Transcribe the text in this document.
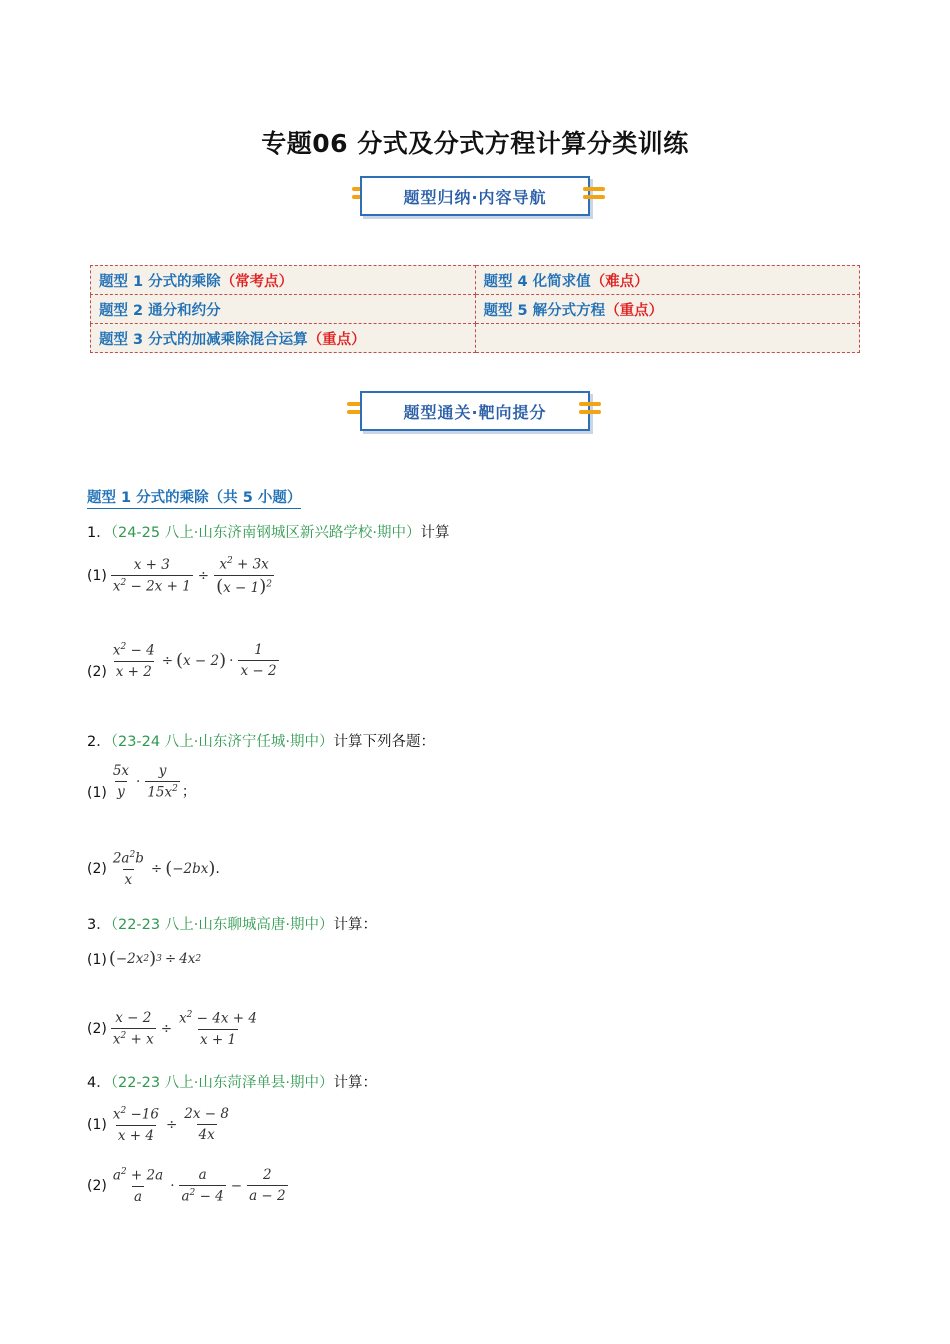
专题06 分式及分式方程计算分类训练
题型归纳·内容导航
题型 1 分式的乘除（常考点）	题型 4 化简求值（难点）
题型 2 通分和约分	题型 5 解分式方程（重点）
题型 3 分式的加减乘除混合运算（重点）	
题型通关·靶向提分
题型 1 分式的乘除（共 5 小题）
1．（24-25 八上·山东济南钢城区新兴路学校·期中）计算
$(1) \frac{x + 3}{x^2 - 2x + 1} \div \frac{x^2 + 3x}{(x - 1)^2}$
$(2) \frac{x^2 - 4}{x + 2}$ ÷ ( x − 2 ) ·
1
x − 2
2．（23-24 八上·山东济宁任城·期中）计算下列各题：
(1)
5x
y
·
y
$15x^2$ ；
$(2) \frac{2a^2b}{x}$ ÷ ( −2bx ) .
3．（22-23 八上·山东聊城高唐·期中）计算：
(1) ( −2x 2 ) 3 ÷ 4x 2
$(2) \frac{x - 2}{x^2 + x} \div \frac{x^2 - 4x + 4}{x + 1}$
4．（22-23 八上·山东菏泽单县·期中）计算：
$(1) \frac{x^2 -16}{x + 4} \div \frac{2x - 8}{4x}$
(2)
$a^2 + 2a$
a
·
a
$a^2 - 4$
− $\frac{2}{a - 2}$
